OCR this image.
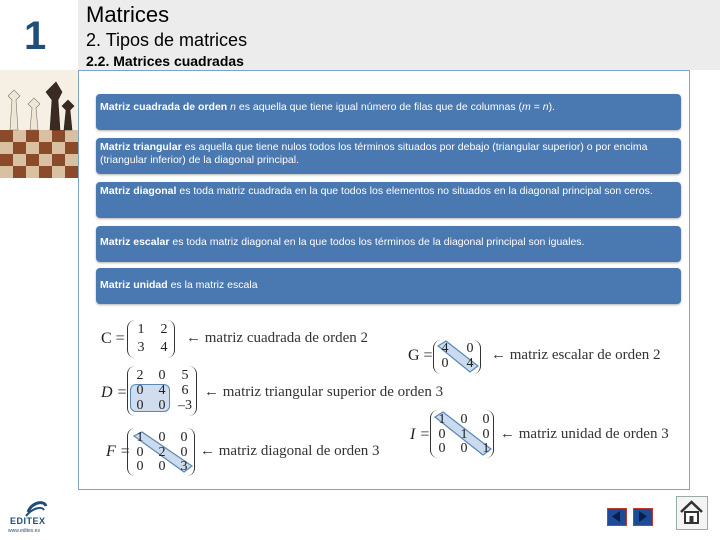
1 Matrices
2. Tipos de matrices
2.2. Matrices cuadradas
Matriz cuadrada de orden n es aquella que tiene igual número de filas que de columnas (m = n).
Matriz triangular es aquella que tiene nulos todos los términos situados por debajo (triangular superior) o por encima (triangular inferior) de la diagonal principal.
Matriz diagonal es toda matriz cuadrada en la que todos los elementos no situados en la diagonal principal son ceros.
Matriz escalar es toda matriz diagonal en la que todos los términos de la diagonal principal son iguales.
Matriz unidad es la matriz escala
C =
1 2
3 4
← matriz cuadrada de orden 2
D =
2 0 5
0 4 6
0 0 –3
← matriz triangular superior de orden 3
F =
1 0 0
0 2 0
0 0 3
← matriz diagonal de orden 3
G = 4 0
0 4
← matriz escalar de orden 2
I =
1 0 0
0 1 0
0 0 1
← matriz unidad de orden 3
EDITEX
www.editex.es
